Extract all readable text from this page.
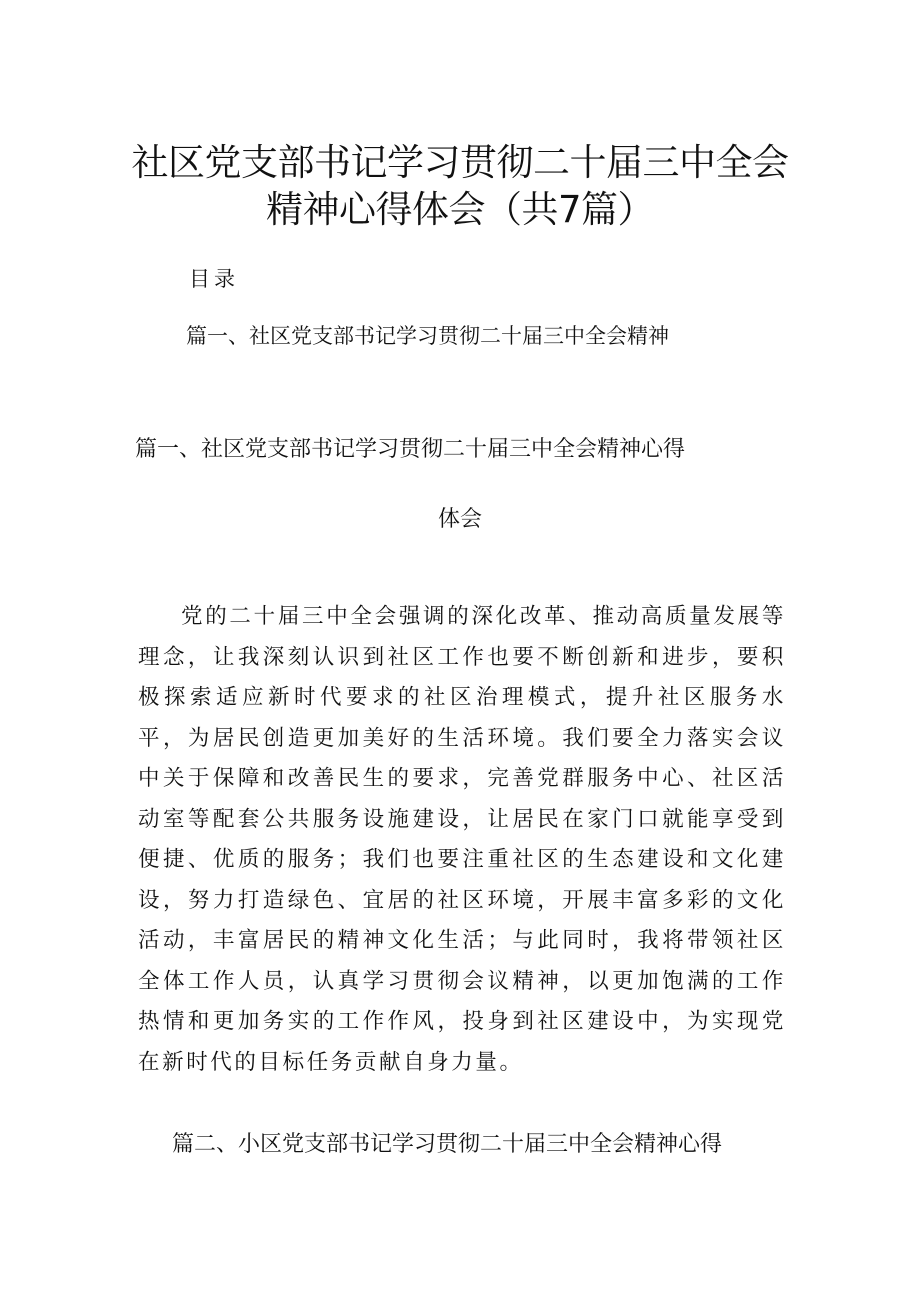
社区党支部书记学习贯彻二十届三中全会
精神心得体会（共7篇）
目录
篇一、社区党支部书记学习贯彻二十届三中全会精神
篇一、社区党支部书记学习贯彻二十届三中全会精神心得
体会

党的二十届三中全会强调的深化改革、推动高质量发展等理念，让我深刻认识到社区工作也要不断创新和进步，要积极探索适应新时代要求的社区治理模式，提升社区服务水平，为居民创造更加美好的生活环境。我们要全力落实会议中关于保障和改善民生的要求，完善党群服务中心、社区活动室等配套公共服务设施建设，让居民在家门口就能享受到便捷、优质的服务；我们也要注重社区的生态建设和文化建设，努力打造绿色、宜居的社区环境，开展丰富多彩的文化活动，丰富居民的精神文化生活；与此同时，我将带领社区全体工作人员，认真学习贯彻会议精神，以更加饱满的工作热情和更加务实的工作作风，投身到社区建设中，为实现党在新时代的目标任务贡献自身力量。

篇二、小区党支部书记学习贯彻二十届三中全会精神心得
